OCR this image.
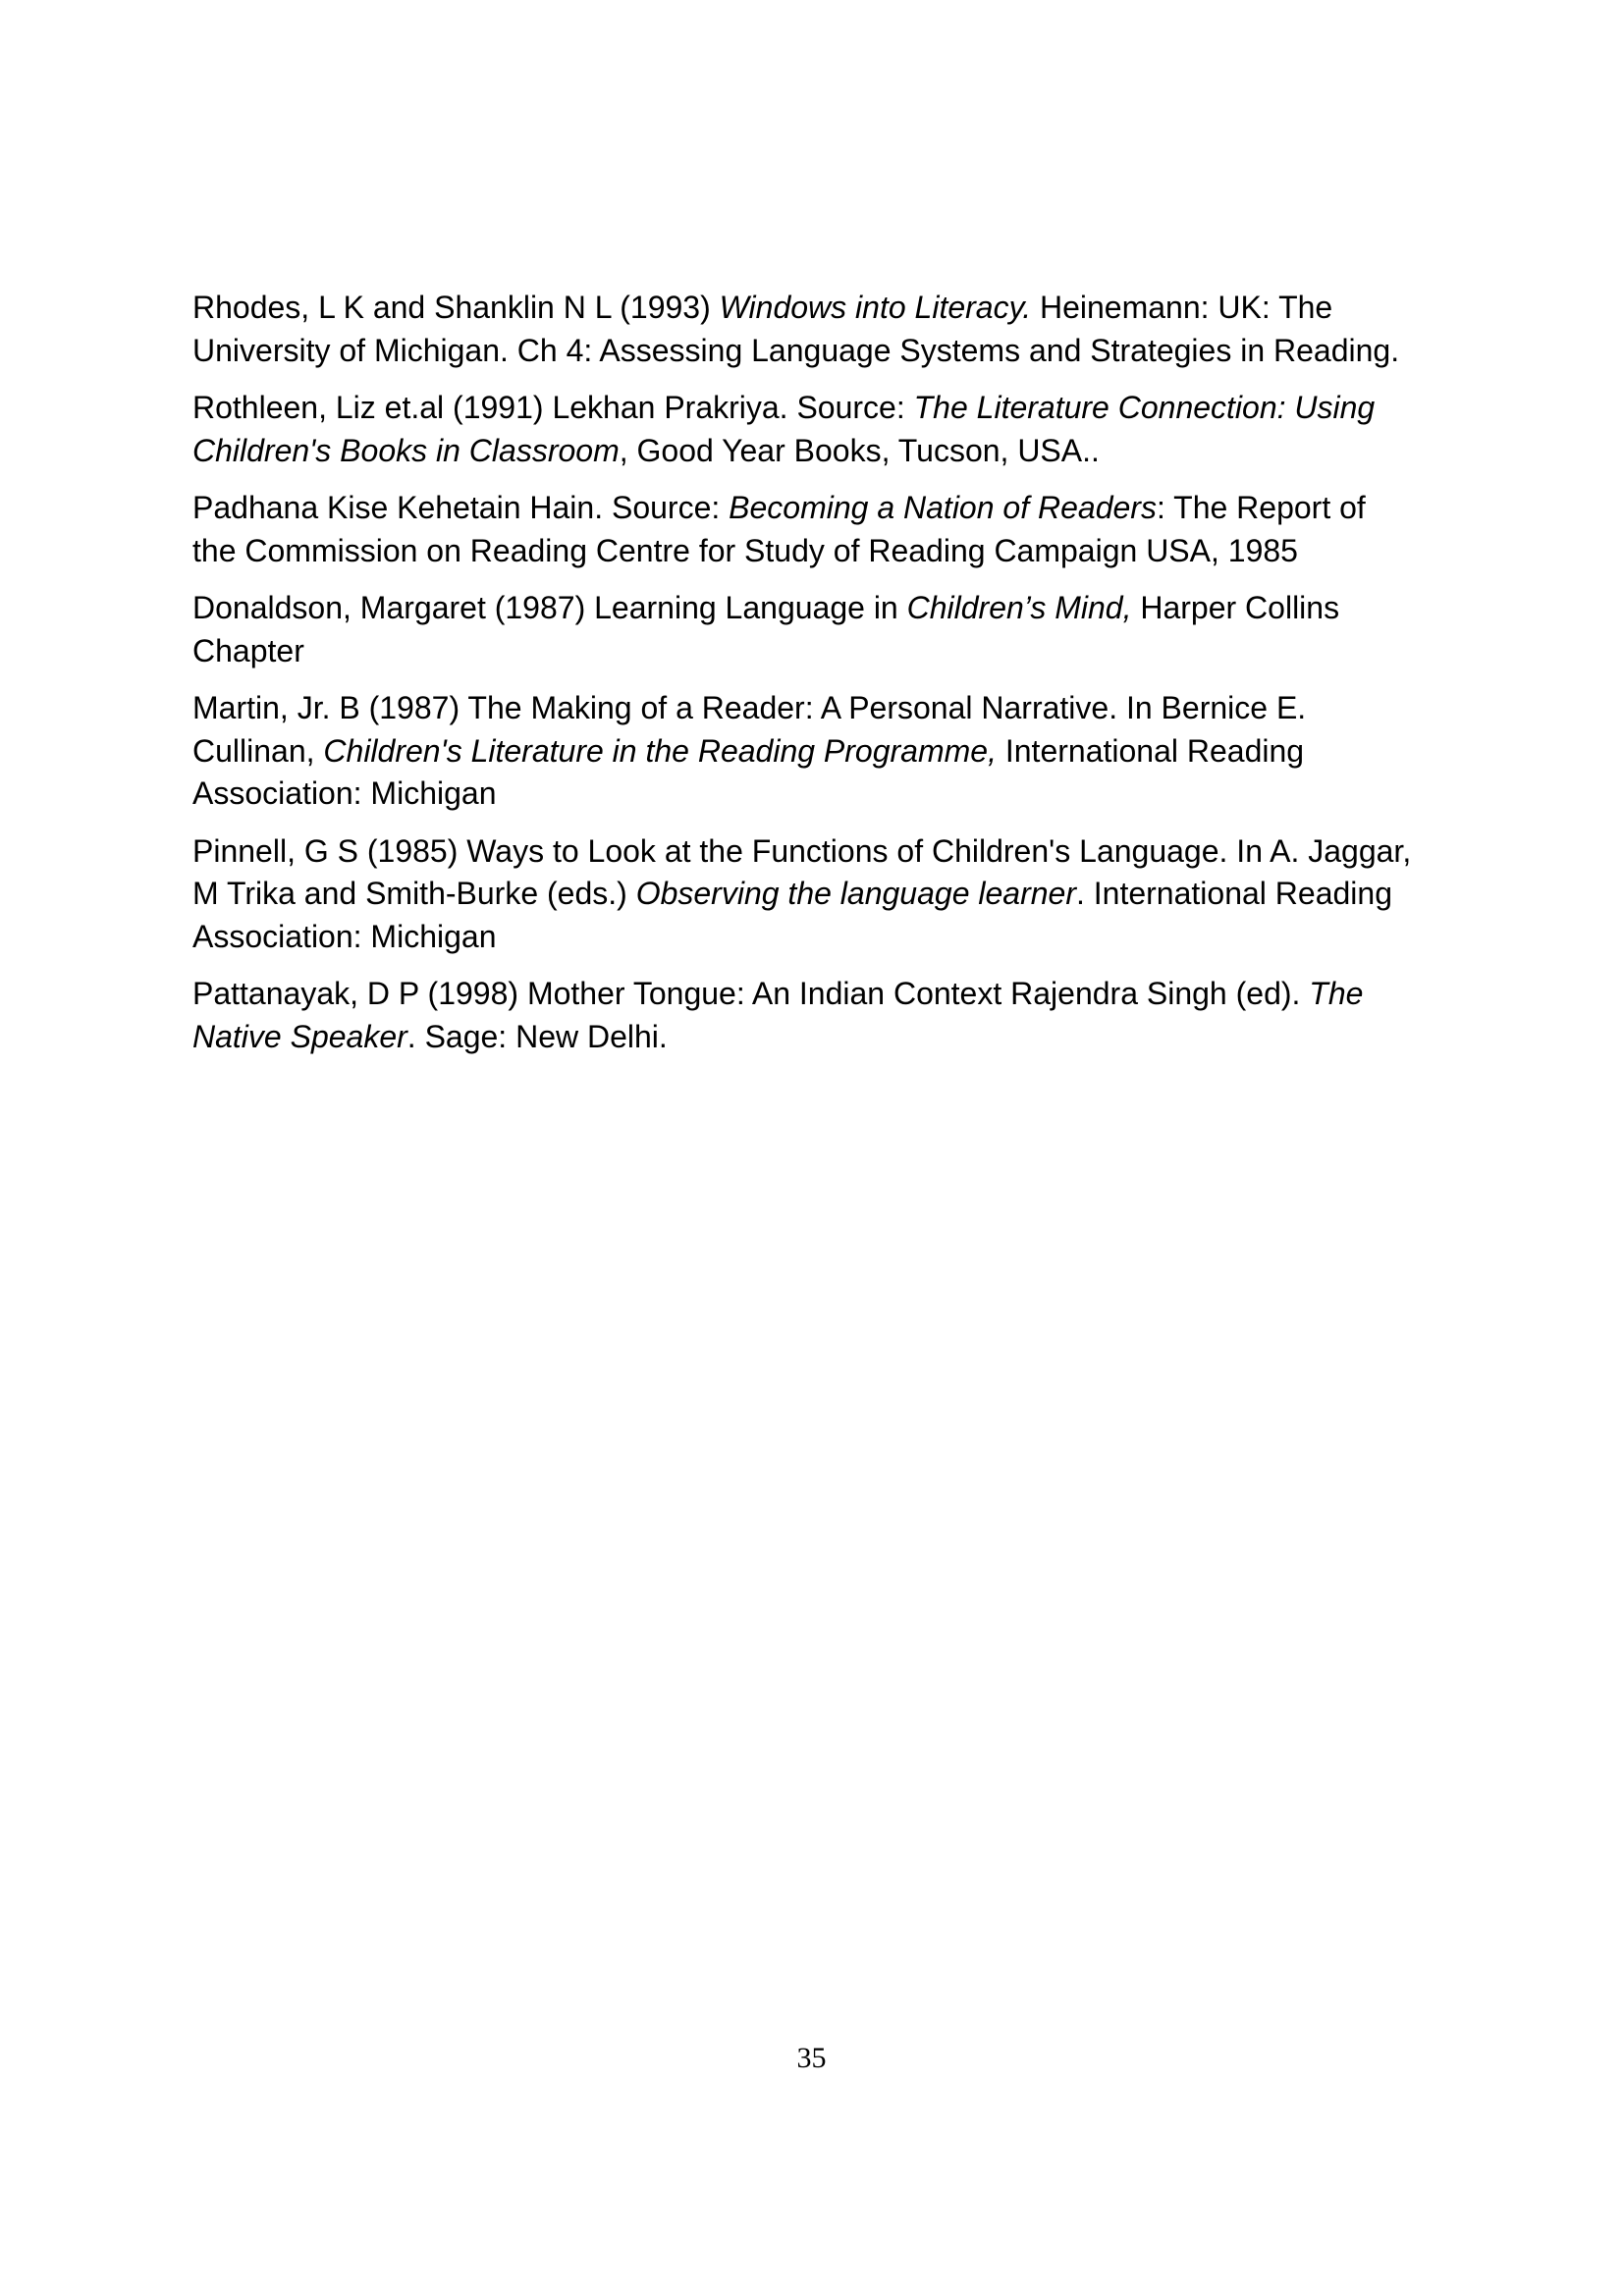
Rhodes, L K and Shanklin N L (1993) Windows into Literacy. Heinemann: UK: The
University of Michigan. Ch 4: Assessing Language Systems and Strategies in Reading.

Rothleen, Liz et.al (1991) Lekhan Prakriya. Source: The Literature Connection: Using
Children's Books in Classroom, Good Year Books, Tucson, USA..

Padhana Kise Kehetain Hain. Source: Becoming a Nation of Readers: The Report of
the Commission on Reading Centre for Study of Reading Campaign USA, 1985

Donaldson, Margaret (1987) Learning Language in Children’s Mind, Harper Collins
Chapter

Martin, Jr. B (1987) The Making of a Reader: A Personal Narrative. In Bernice E.
Cullinan, Children's Literature in the Reading Programme, International Reading
Association: Michigan

Pinnell, G S (1985) Ways to Look at the Functions of Children's Language. In A. Jaggar,
M Trika and Smith-Burke (eds.) Observing the language learner. International Reading
Association: Michigan

Pattanayak, D P (1998) Mother Tongue: An Indian Context Rajendra Singh (ed). The
Native Speaker. Sage: New Delhi.

35
